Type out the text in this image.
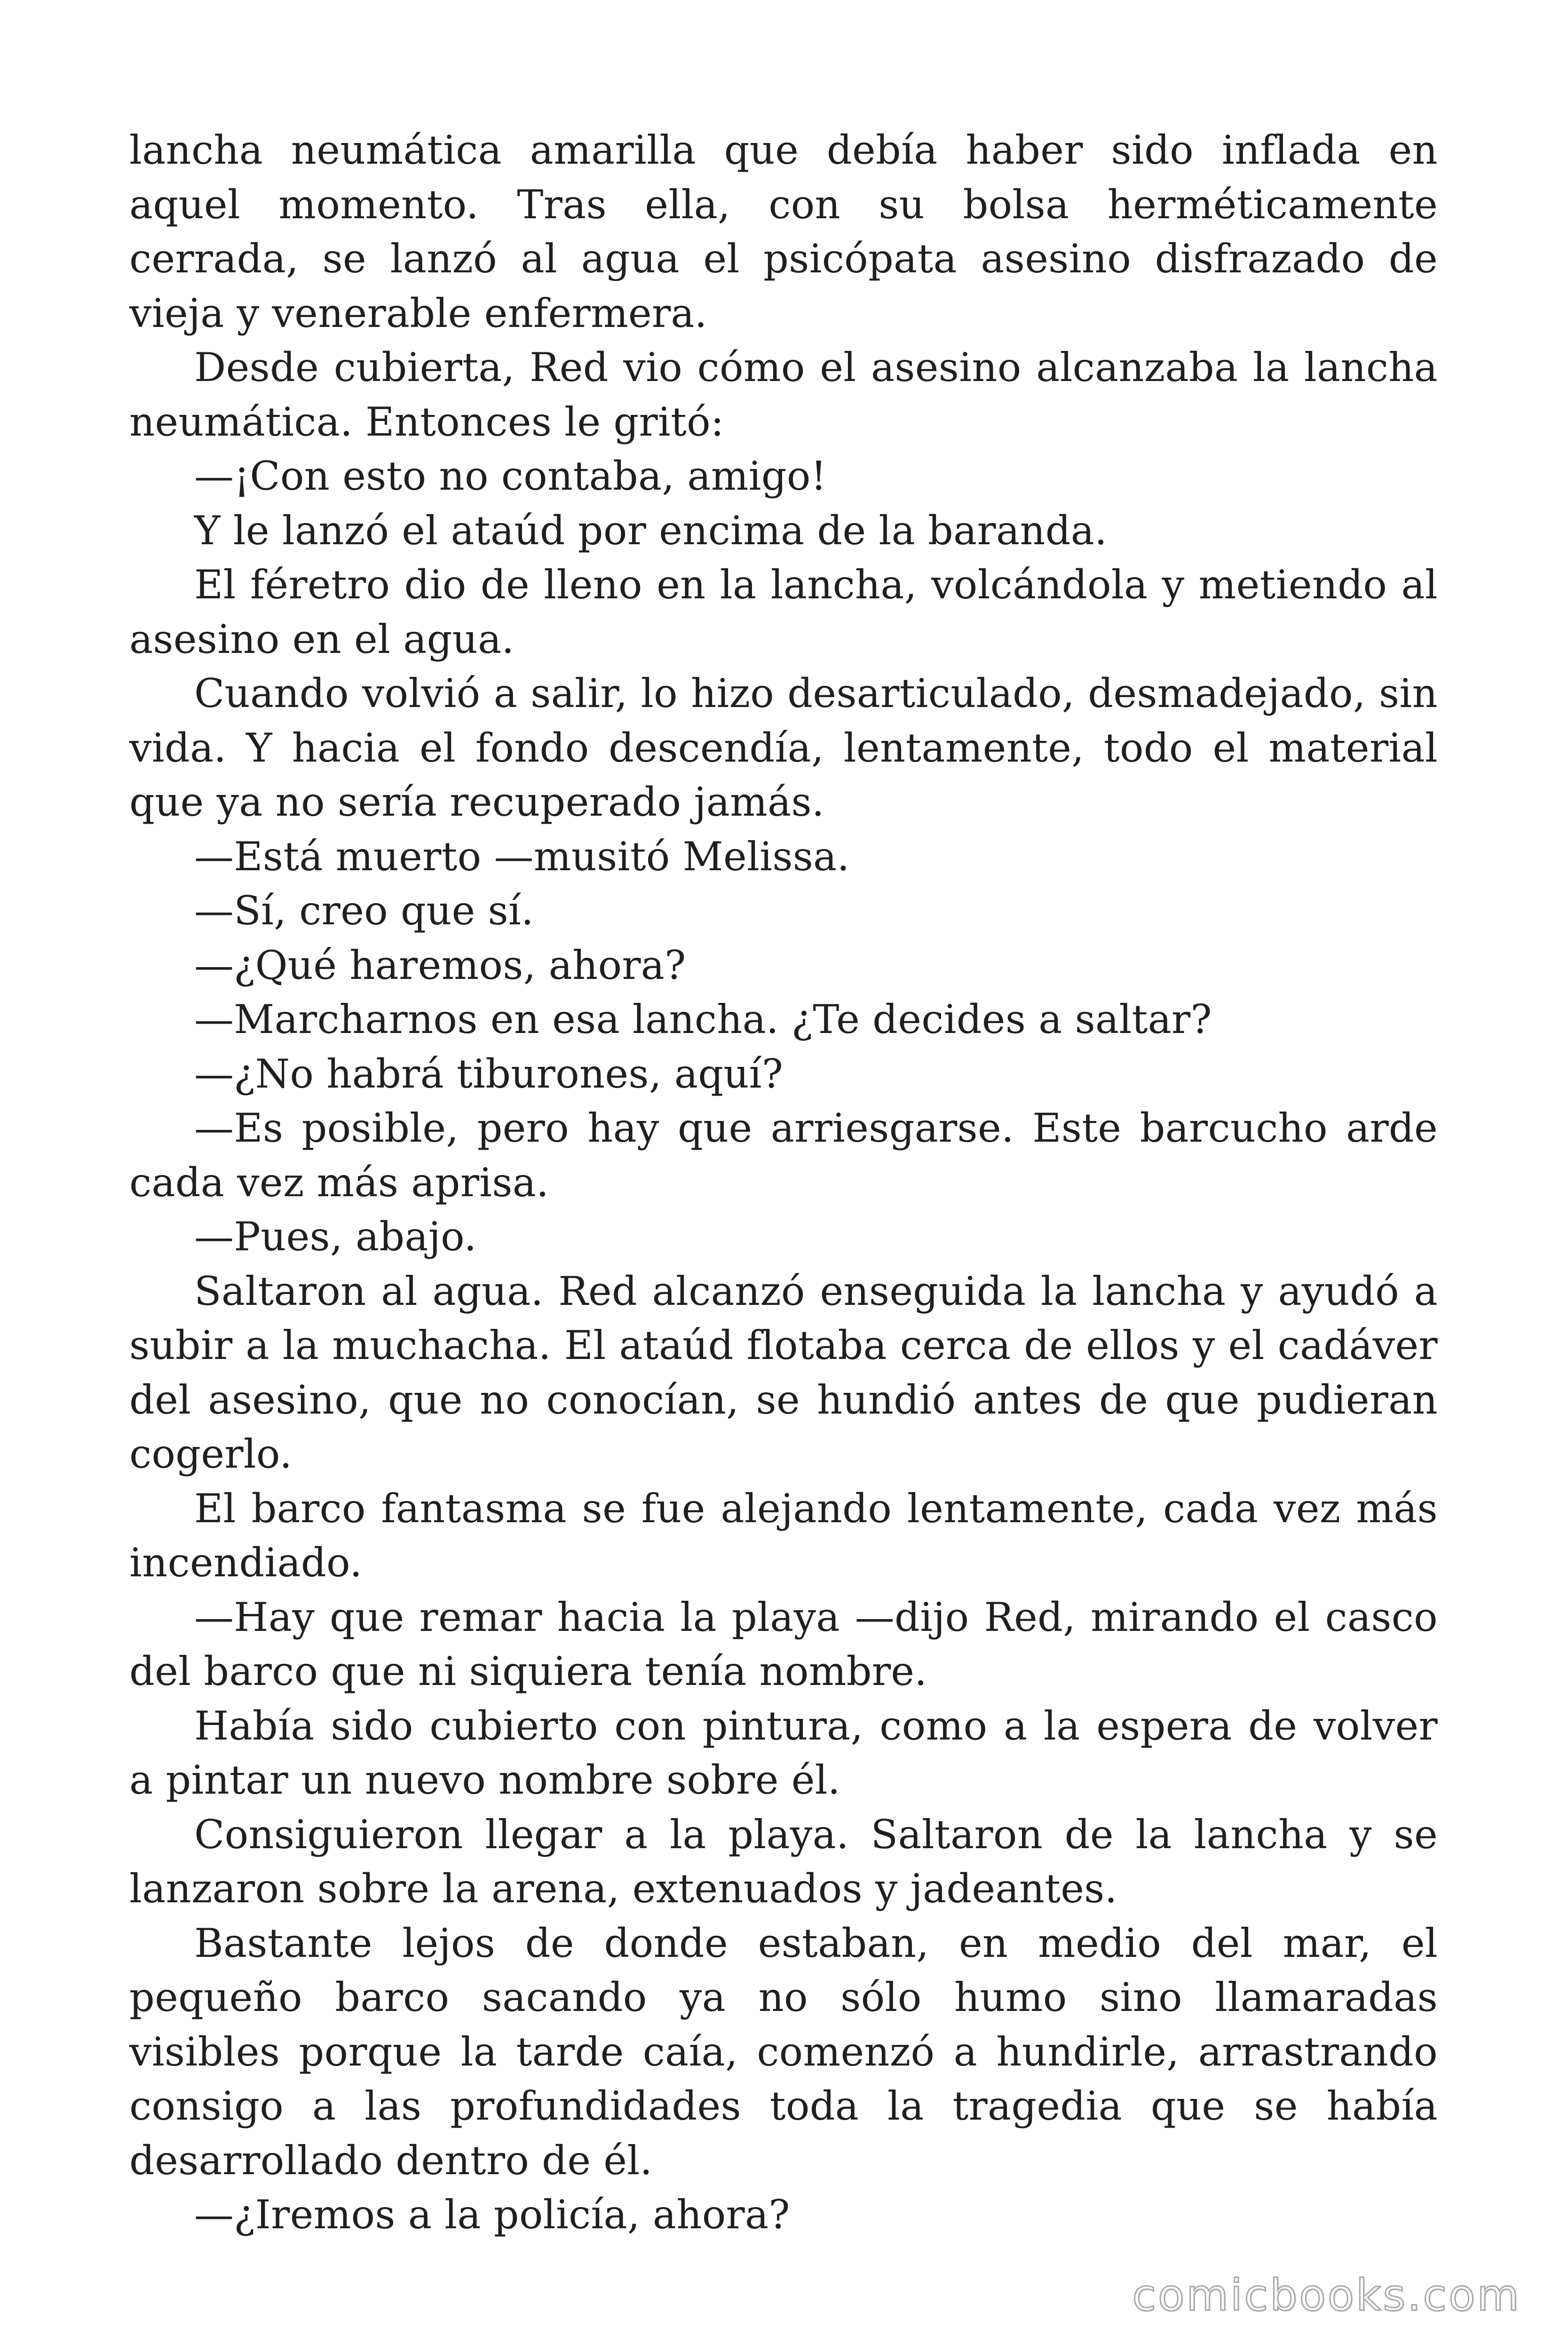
lancha neumática amarilla que debía haber sido inflada en aquel momento. Tras ella, con su bolsa herméticamente cerrada, se lanzó al agua el psicópata asesino disfrazado de vieja y venerable enfermera.

Desde cubierta, Red vio cómo el asesino alcanzaba la lancha neumática. Entonces le gritó:

—¡Con esto no contaba, amigo!

Y le lanzó el ataúd por encima de la baranda.

El féretro dio de lleno en la lancha, volcándola y metiendo al asesino en el agua.

Cuando volvió a salir, lo hizo desarticulado, desmadejado, sin vida. Y hacia el fondo descendía, lentamente, todo el material que ya no sería recuperado jamás.

—Está muerto —musitó Melissa.

—Sí, creo que sí.

—¿Qué haremos, ahora?

—Marcharnos en esa lancha. ¿Te decides a saltar?

—¿No habrá tiburones, aquí?

—Es posible, pero hay que arriesgarse. Este barcucho arde cada vez más aprisa.

—Pues, abajo.

Saltaron al agua. Red alcanzó enseguida la lancha y ayudó a subir a la muchacha. El ataúd flotaba cerca de ellos y el cadáver del asesino, que no conocían, se hundió antes de que pudieran cogerlo.

El barco fantasma se fue alejando lentamente, cada vez más incendiado.

—Hay que remar hacia la playa —dijo Red, mirando el casco del barco que ni siquiera tenía nombre.

Había sido cubierto con pintura, como a la espera de volver a pintar un nuevo nombre sobre él.

Consiguieron llegar a la playa. Saltaron de la lancha y se lanzaron sobre la arena, extenuados y jadeantes.

Bastante lejos de donde estaban, en medio del mar, el pequeño barco sacando ya no sólo humo sino llamaradas visibles porque la tarde caía, comenzó a hundirle, arrastrando consigo a las profundidades toda la tragedia que se había desarrollado dentro de él.

—¿Iremos a la policía, ahora?

comicbooks.com
